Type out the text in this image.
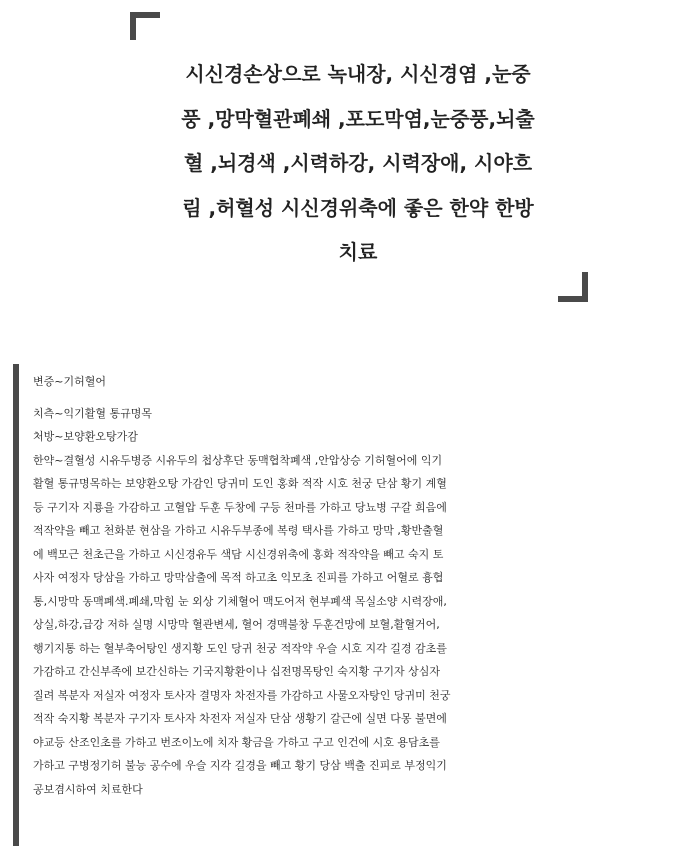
시신경손상으로 녹내장, 시신경염 ,눈중
풍 ,망막혈관폐쇄 ,포도막염,눈중풍,뇌출
혈 ,뇌경색 ,시력하강, 시력장애, 시야흐
림 ,허혈성 시신경위축에 좋은 한약 한방
치료
변증~기허혈어
치측~익기활혈 통규명목
처방~보양환오탕가감
한약~결혈성 시유두병증 시유두의 첩상후단 동맥협착폐색 ,안압상승 기허혈어에 익기
활혈 통규명목하는 보양환오탕 가감인 당귀미 도인 홍화 적작 시호 천궁 단삼 황기 계혈
등 구기자 지룡을 가감하고 고혈압 두훈 두창에 구등 천마를 가하고 당뇨병 구갈 희음에
적작약을 빼고 천화분 현삼을 가하고 시유두부종에 복령 택사를 가하고 망막 ,황반출혈
에 백모근 천초근을 가하고 시신경유두 색담 시신경위축에 홍화 적작약을 빼고 숙지 토
사자 여정자 당삼을 가하고 망막삼출에 목적 하고초 익모초 진피를 가하고 어혈로 흉협
통,시망막 동맥폐색.폐쇄,막힘 눈 외상 기체혈어 맥도어저 현부폐색 목실소양 시력장애,
상실,하강,급강 저하 실명 시망막 혈관변세, 혈어 경맥불창 두훈건망에 보혈,활혈거어,
행기지통 하는 혈부축어탕인 생지황 도인 당귀 천궁 적작약 우슬 시호 지각 길경 감초를
가감하고 간신부족에 보간신하는 기국지황환이나 십전명목탕인 숙지황 구기자 상심자
질려 복분자 저실자 여정자 토사자 결명자 차전자를 가감하고 사물오자탕인 당귀미 천궁
적작 숙지황 복분자 구기자 토사자 차전자 저실자 단삼 생황기 갈근에 실면 다몽 불면에
야교등 산조인초를 가하고 번조이노에 치자 황금을 가하고 구고 인건에 시호 용담초를
가하고 구병정기허 불능 공수에 우슬 지각 길경을 빼고 황기 당삼 백출 진피로 부정익기
공보겸시하여 치료한다
